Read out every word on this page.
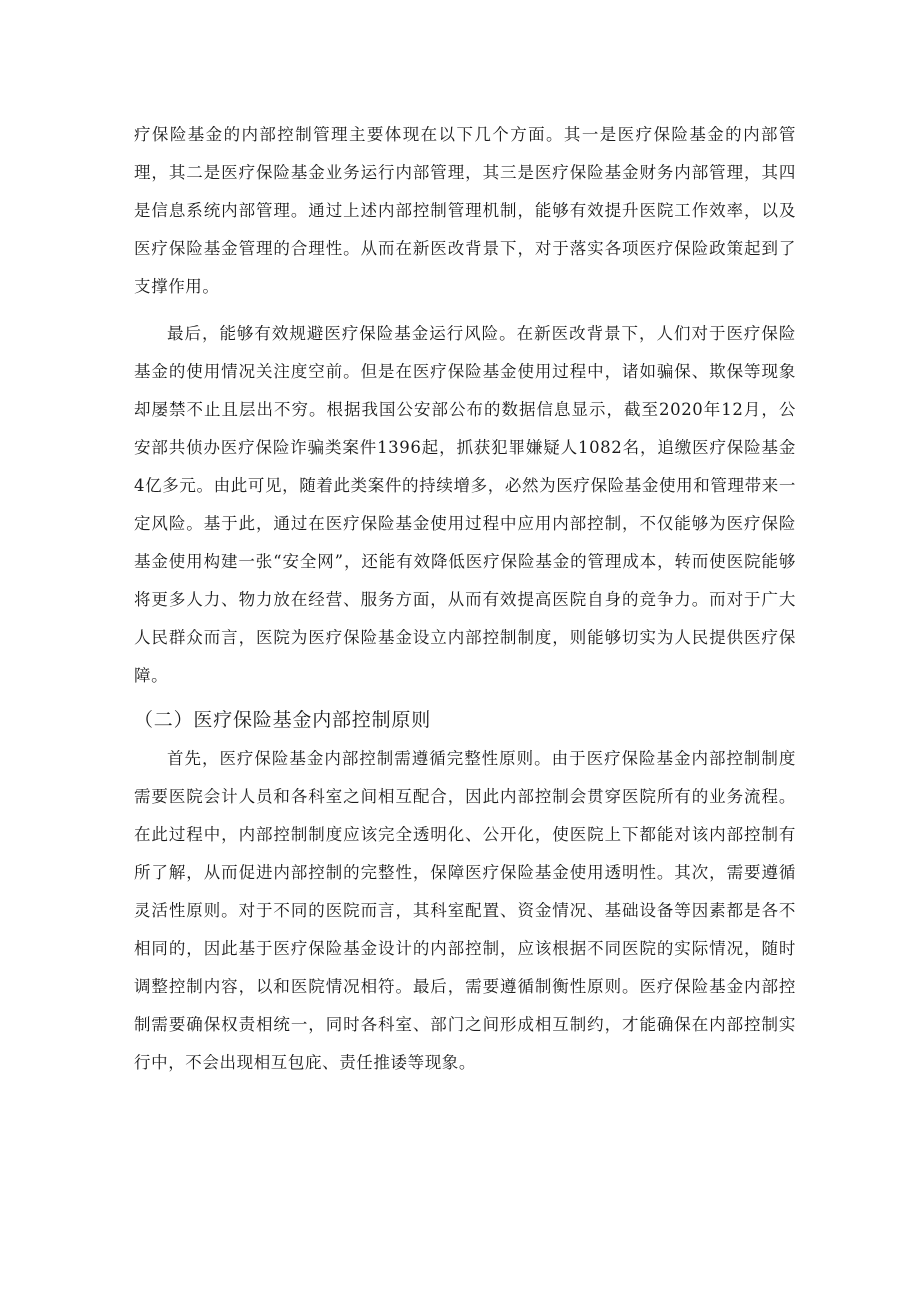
疗保险基金的内部控制管理主要体现在以下几个方面。其一是医疗保险基金的内部管理，其二是医疗保险基金业务运行内部管理，其三是医疗保险基金财务内部管理，其四是信息系统内部管理。通过上述内部控制管理机制，能够有效提升医院工作效率，以及医疗保险基金管理的合理性。从而在新医改背景下，对于落实各项医疗保险政策起到了支撑作用。

最后，能够有效规避医疗保险基金运行风险。在新医改背景下，人们对于医疗保险基金的使用情况关注度空前。但是在医疗保险基金使用过程中，诸如骗保、欺保等现象却屡禁不止且层出不穷。根据我国公安部公布的数据信息显示，截至2020年12月，公安部共侦办医疗保险诈骗类案件1396起，抓获犯罪嫌疑人1082名，追缴医疗保险基金4亿多元。由此可见，随着此类案件的持续增多，必然为医疗保险基金使用和管理带来一定风险。基于此，通过在医疗保险基金使用过程中应用内部控制，不仅能够为医疗保险基金使用构建一张“安全网”，还能有效降低医疗保险基金的管理成本，转而使医院能够将更多人力、物力放在经营、服务方面，从而有效提高医院自身的竞争力。而对于广大人民群众而言，医院为医疗保险基金设立内部控制制度，则能够切实为人民提供医疗保障。

（二）医疗保险基金内部控制原则

首先，医疗保险基金内部控制需遵循完整性原则。由于医疗保险基金内部控制制度需要医院会计人员和各科室之间相互配合，因此内部控制会贯穿医院所有的业务流程。在此过程中，内部控制制度应该完全透明化、公开化，使医院上下都能对该内部控制有所了解，从而促进内部控制的完整性，保障医疗保险基金使用透明性。其次，需要遵循灵活性原则。对于不同的医院而言，其科室配置、资金情况、基础设备等因素都是各不相同的，因此基于医疗保险基金设计的内部控制，应该根据不同医院的实际情况，随时调整控制内容，以和医院情况相符。最后，需要遵循制衡性原则。医疗保险基金内部控制需要确保权责相统一，同时各科室、部门之间形成相互制约，才能确保在内部控制实行中，不会出现相互包庇、责任推诿等现象。
